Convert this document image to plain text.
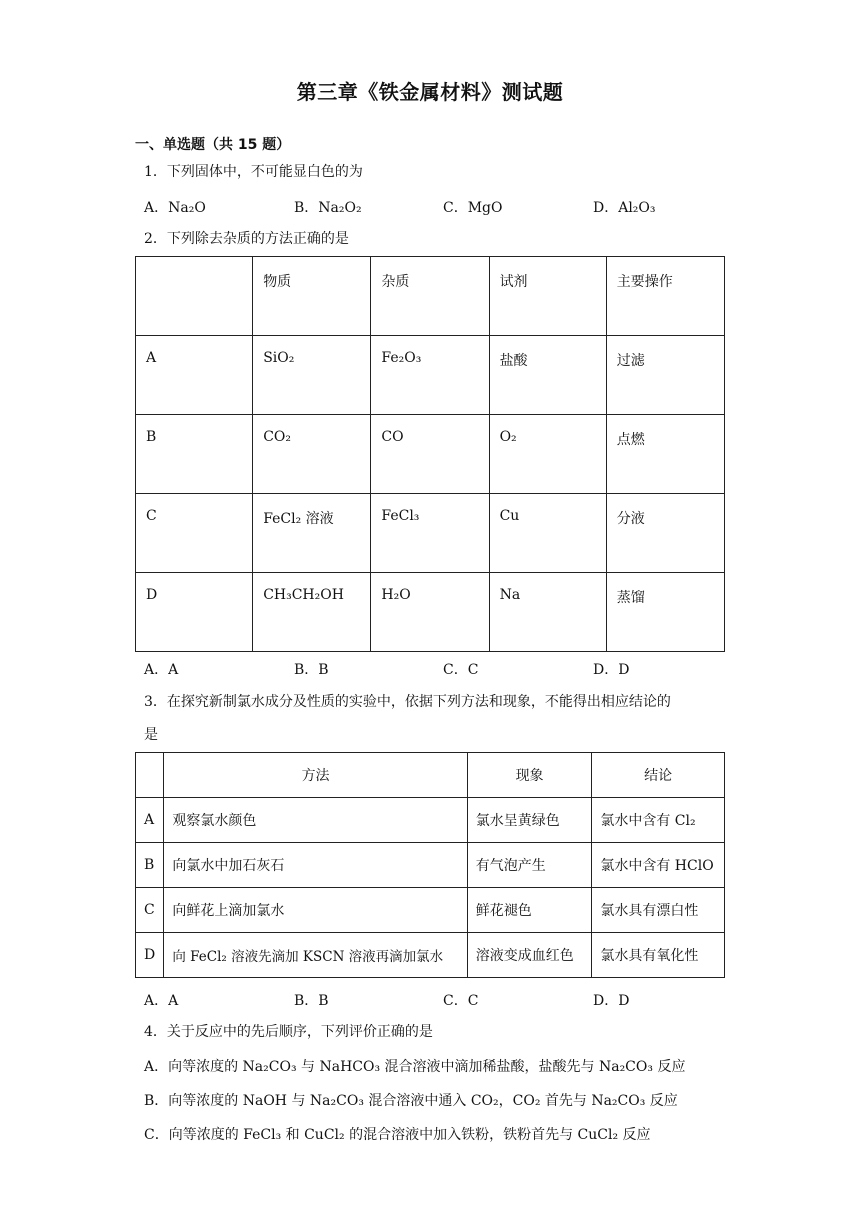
第三章《铁金属材料》测试题
一、单选题（共 15 题）
1．下列固体中，不可能显白色的为
A．Na₂O	B．Na₂O₂	C．MgO	D．Al₂O₃
2．下列除去杂质的方法正确的是
	物质	杂质	试剂	主要操作
A	SiO₂	Fe₂O₃	盐酸	过滤
B	CO₂	CO	O₂	点燃
C	FeCl₂ 溶液	FeCl₃	Cu	分液
D	CH₃CH₂OH	H₂O	Na	蒸馏
A．A	B．B	C．C	D．D
3．在探究新制氯水成分及性质的实验中，依据下列方法和现象，不能得出相应结论的
是
	方法	现象	结论
A	观察氯水颜色	氯水呈黄绿色	氯水中含有 Cl₂
B	向氯水中加石灰石	有气泡产生	氯水中含有 HClO
C	向鲜花上滴加氯水	鲜花褪色	氯水具有漂白性
D	向 FeCl₂ 溶液先滴加 KSCN 溶液再滴加氯水	溶液变成血红色	氯水具有氧化性
A．A	B．B	C．C	D．D
4．关于反应中的先后顺序，下列评价正确的是
A．向等浓度的 Na₂CO₃ 与 NaHCO₃ 混合溶液中滴加稀盐酸，盐酸先与 Na₂CO₃ 反应
B．向等浓度的 NaOH 与 Na₂CO₃ 混合溶液中通入 CO₂，CO₂ 首先与 Na₂CO₃ 反应
C．向等浓度的 FeCl₃ 和 CuCl₂ 的混合溶液中加入铁粉，铁粉首先与 CuCl₂ 反应
